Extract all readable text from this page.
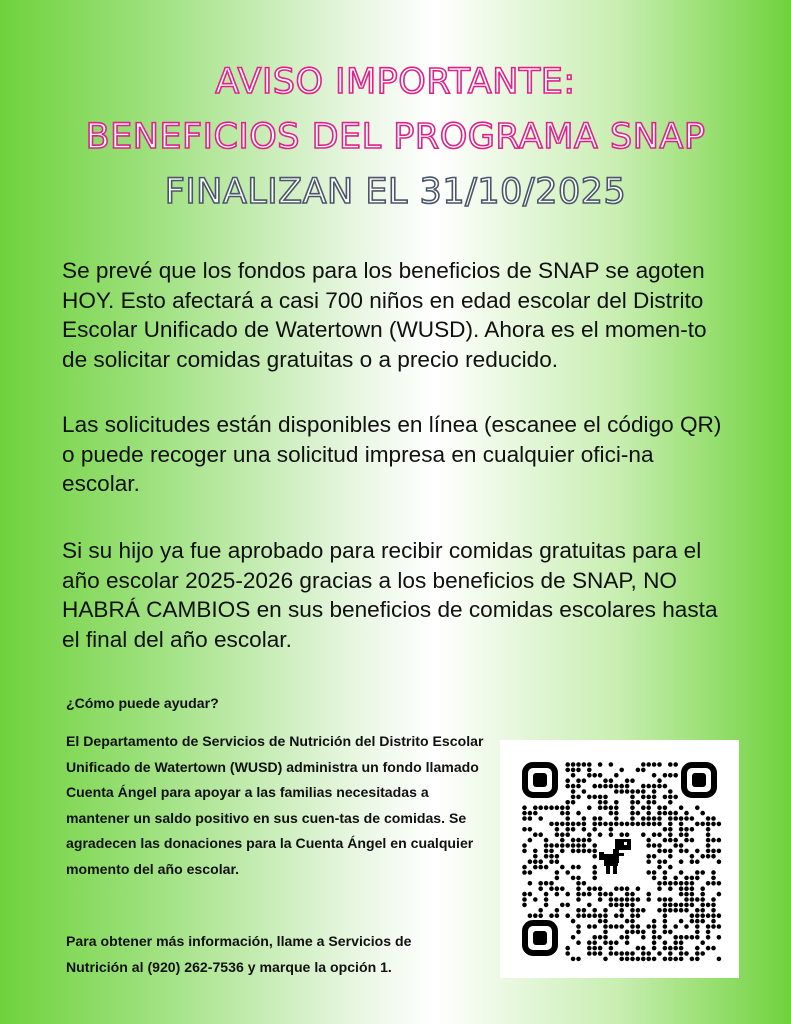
AVISO IMPORTANTE:
BENEFICIOS DEL PROGRAMA SNAP
FINALIZAN EL 31/10/2025

Se prevé que los fondos para los beneficios de SNAP se agoten HOY. Esto afectará a casi 700 niños en edad escolar del Distrito Escolar Unificado de Watertown (WUSD). Ahora es el momen-to de solicitar comidas gratuitas o a precio reducido.

Las solicitudes están disponibles en línea (escanee el código QR) o puede recoger una solicitud impresa en cualquier ofici-na escolar.

Si su hijo ya fue aprobado para recibir comidas gratuitas para el año escolar 2025-2026 gracias a los beneficios de SNAP, NO HABRÁ CAMBIOS en sus beneficios de comidas escolares hasta el final del año escolar.

¿Cómo puede ayudar?

El Departamento de Servicios de Nutrición del Distrito Escolar Unificado de Watertown (WUSD) administra un fondo llamado Cuenta Ángel para apoyar a las familias necesitadas a mantener un saldo positivo en sus cuen-tas de comidas. Se agradecen las donaciones para la Cuenta Ángel en cualquier momento del año escolar.

Para obtener más información, llame a Servicios de Nutrición al (920) 262-7536 y marque la opción 1.
